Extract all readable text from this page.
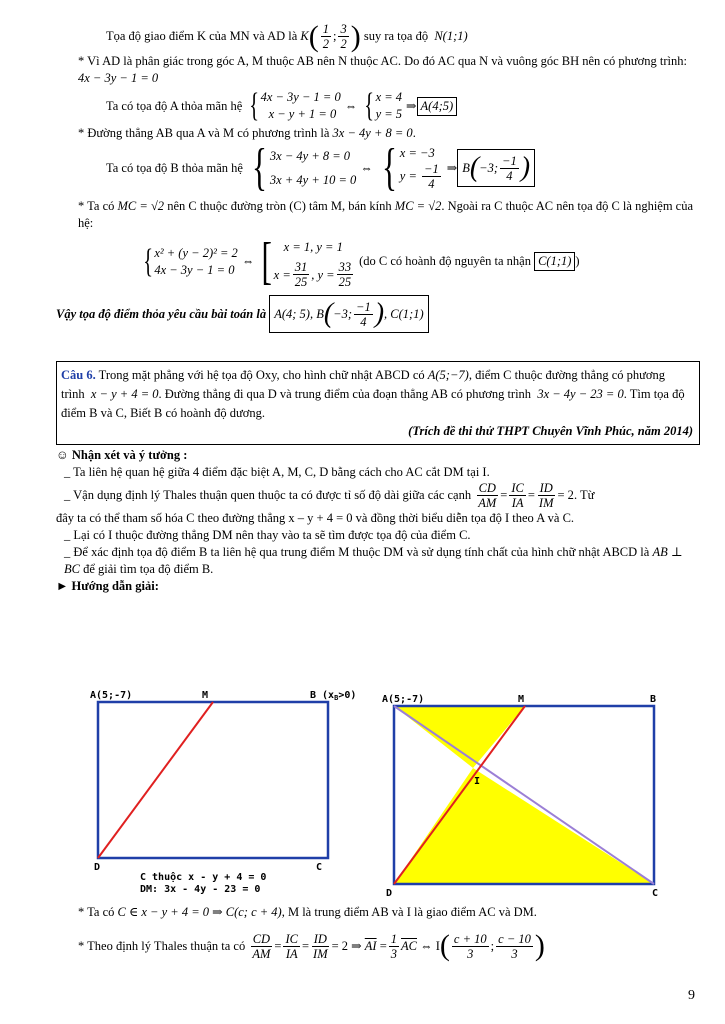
Tọa độ giao điểm K của MN và AD là
K ( $\frac{1}{2}$ ; $\frac{3}{2}$ )
suy ra tọa độ
N(1;1)

* Vì AD là phân giác trong góc A, M thuộc AB nên N thuộc AC. Do đó AC qua N và vuông góc BH nên có phương trình:  4x − 3y − 1 = 0

Ta có tọa độ A thỏa mãn hệ { 4x − 3y − 1 = 0
x − y + 1 = 0
⇔ { x = 4
y = 5
⇒ A(4;5)

* Đường thẳng AB qua A và M có phương trình là 3x − 4y + 8 = 0.

Ta có tọa độ B thỏa mãn hệ { 3x − 4y + 8 = 0
3x + 4y + 10 = 0
⇔ { x = −3
y =
$\frac{-1}{4}$ ⇒ B ( −3; $\frac{-1}{4}$ )

* Ta có MC = √2 nên C thuộc đường tròn (C) tâm M, bán kính MC = √2. Ngoài ra C thuộc AC nên tọa độ C là nghiệm của hệ:

{ x² + (y − 2)² = 2
4x − 3y − 1 = 0
⇔ [ x = 1, y = 1
$x = \frac{31}{25}$ , $y = \frac{33}{25} (do$ C có hoành độ nguyên ta nhận
C(1;1) )
Vậy tọa độ điểm thỏa yêu cầu bài toán là
A(4; 5), B ( −3; $\frac{-1}{4}$ ) , C(1;1)

Câu 6. Trong mặt phẳng với hệ tọa độ Oxy, cho hình chữ nhật ABCD có A(5;−7), điểm C thuộc đường thẳng có phương trình x − y + 4 = 0. Đường thẳng đi qua D và trung điểm của đoạn thẳng AB có phương trình 3x − 4y − 23 = 0. Tìm tọa độ điểm B và C, Biết B có hoành độ dương.

(Trích đề thi thử THPT Chuyên Vĩnh Phúc, năm 2014)

☺ Nhận xét và ý tưởng :

_ Ta liên hệ quan hệ giữa 4 điểm đặc biệt A, M, C, D bằng cách cho AC cắt DM tại I.

_ Vận dụng định lý Thales thuận quen thuộc ta có được tỉ số độ dài giữa các cạnh
$\frac{CD}{AM} = \frac{IC}{IA} = \frac{ID}{IM} = 2$ . Từ

đây ta có thể tham số hóa C theo đường thẳng x – y + 4 = 0 và đồng thời biểu diễn tọa độ I theo A và C.

_ Lại có I thuộc đường thẳng DM nên thay vào ta sẽ tìm được tọa độ của điểm C.

_ Để xác định tọa độ điểm B ta liên hệ qua trung điểm M thuộc DM và sử dụng tính chất của hình chữ nhật ABCD là AB ⊥ BC để giải tìm tọa độ điểm B.

► Hướng dẫn giải:

A(5;-7)	M	B $(x_B>0)$
D	C
C thuộc x - y + 4 = 0
DM: 3x - 4y - 23 = 0
A(5;-7)	M	B
I
D	C

* Ta có C ∈ x − y + 4 = 0 ⇒ C(c; c + 4), M là trung điểm AB và I là giao điểm AC và DM.

* Theo định lý Thales thuận ta có
$\frac{CD}{AM} = \frac{IC}{IA} = \frac{ID}{IM} = 2$ ⇒
$\overline{AI}$
= $\frac{1}{3} \overline{AC}$
⇔ I ( $\frac{c + 10}{3}$ ; $\frac{c - 10}{3}$ )
9
